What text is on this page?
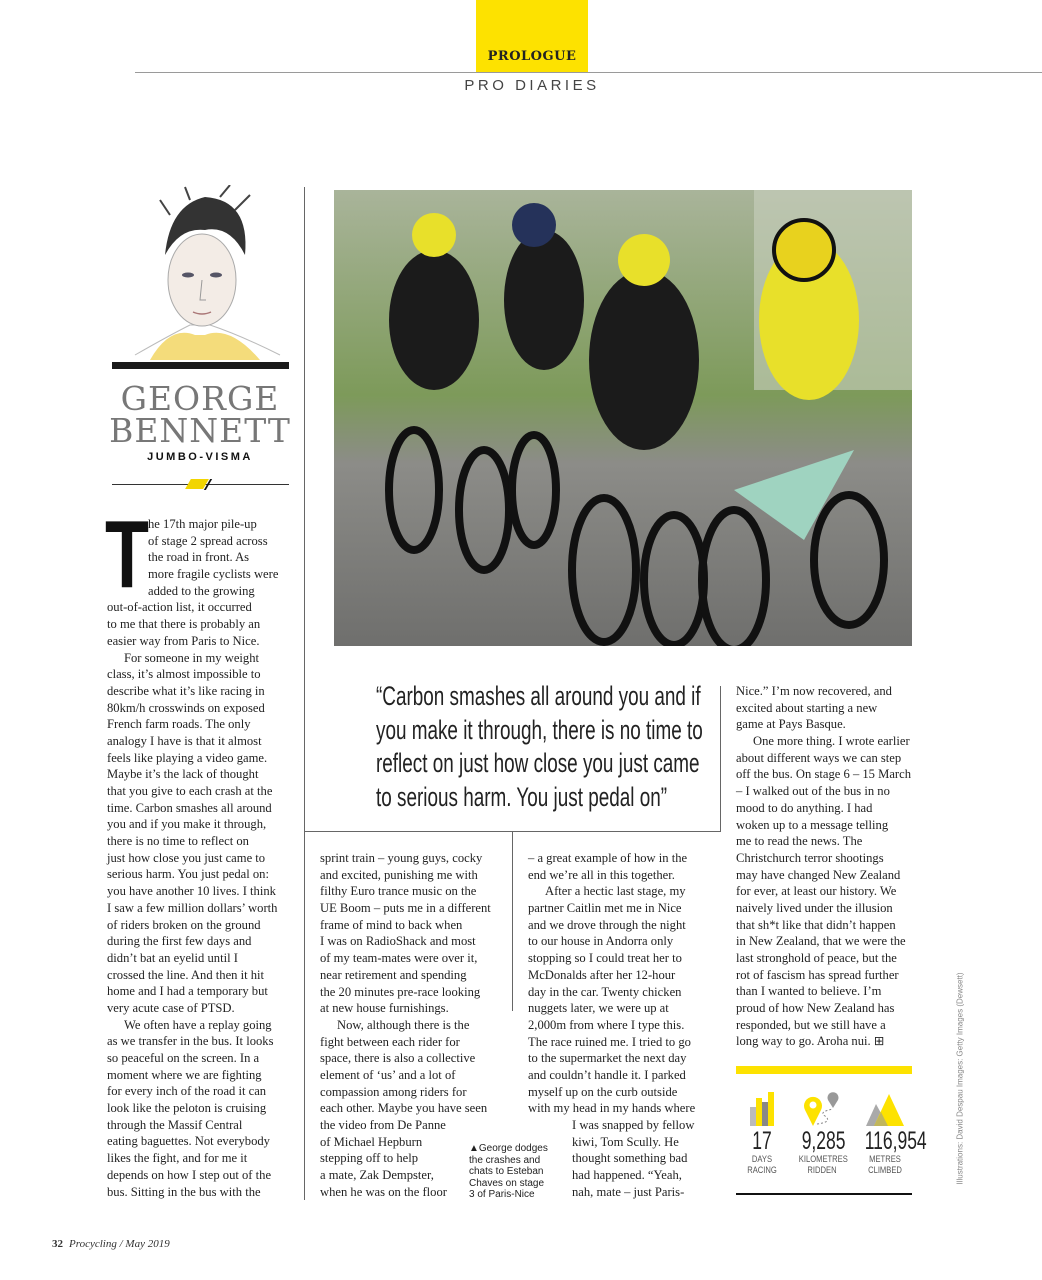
PROLOGUE
PRO DIARIES
GEORGE
BENNETT
JUMBO-VISMA
“Carbon smashes all around you and if
you make it through, there is no time to
reflect on just how close you just came
to serious harm. You just pedal on”
T he 17th major pile-up
of stage 2 spread across
the road in front. As
more fragile cyclists were
added to the growing
out-of-action list, it occurred
to me that there is probably an
easier way from Paris to Nice.
For someone in my weight
class, it’s almost impossible to
describe what it’s like racing in
80km/h crosswinds on exposed
French farm roads. The only
analogy I have is that it almost
feels like playing a video game.
Maybe it’s the lack of thought
that you give to each crash at the
time. Carbon smashes all around
you and if you make it through,
there is no time to reflect on
just how close you just came to
serious harm. You just pedal on:
you have another 10 lives. I think
I saw a few million dollars’ worth
of riders broken on the ground
during the first few days and
didn’t bat an eyelid until I
crossed the line. And then it hit
home and I had a temporary but
very acute case of PTSD.
We often have a replay going
as we transfer in the bus. It looks
so peaceful on the screen. In a
moment where we are fighting
for every inch of the road it can
look like the peloton is cruising
through the Massif Central
eating baguettes. Not everybody
likes the fight, and for me it
depends on how I step out of the
bus. Sitting in the bus with the
sprint train – young guys, cocky
and excited, punishing me with
filthy Euro trance music on the
UE Boom – puts me in a different
frame of mind to back when
I was on RadioShack and most
of my team-mates were over it,
near retirement and spending
the 20 minutes pre-race looking
at new house furnishings.
Now, although there is the
fight between each rider for
space, there is also a collective
element of ‘us’ and a lot of
compassion among riders for
each other. Maybe you have seen
the video from De Panne
of Michael Hepburn
stepping off to help
a mate, Zak Dempster,
when he was on the floor
– a great example of how in the
end we’re all in this together.
After a hectic last stage, my
partner Caitlin met me in Nice
and we drove through the night
to our house in Andorra only
stopping so I could treat her to
McDonalds after her 12-hour
day in the car. Twenty chicken
nuggets later, we were up at
2,000m from where I type this.
The race ruined me. I tried to go
to the supermarket the next day
and couldn’t handle it. I parked
myself up on the curb outside
with my head in my hands where
I was snapped by fellow
kiwi, Tom Scully. He
thought something bad
had happened. “Yeah,
nah, mate – just Paris-
Nice.” I’m now recovered, and
excited about starting a new
game at Pays Basque.
One more thing. I wrote earlier
about different ways we can step
off the bus. On stage 6 – 15 March
– I walked out of the bus in no
mood to do anything. I had
woken up to a message telling
me to read the news. The
Christchurch terror shootings
may have changed New Zealand
for ever, at least our history. We
naively lived under the illusion
that sh*t like that didn’t happen
in New Zealand, that we were the
last stronghold of peace, but the
rot of fascism has spread further
than I wanted to believe. I’m
proud of how New Zealand has
responded, but we still have a
long way to go. Aroha nui. ⊞
▲George dodges
the crashes and
chats to Esteban
Chaves on stage
3 of Paris-Nice
17
DAYS
RACING
9,285
KILOMETRES
RIDDEN
116,954
METRES
CLIMBED	Illustrations: David Despau Images: Getty Images (Dewsett)
32 Procycling / May 2019
